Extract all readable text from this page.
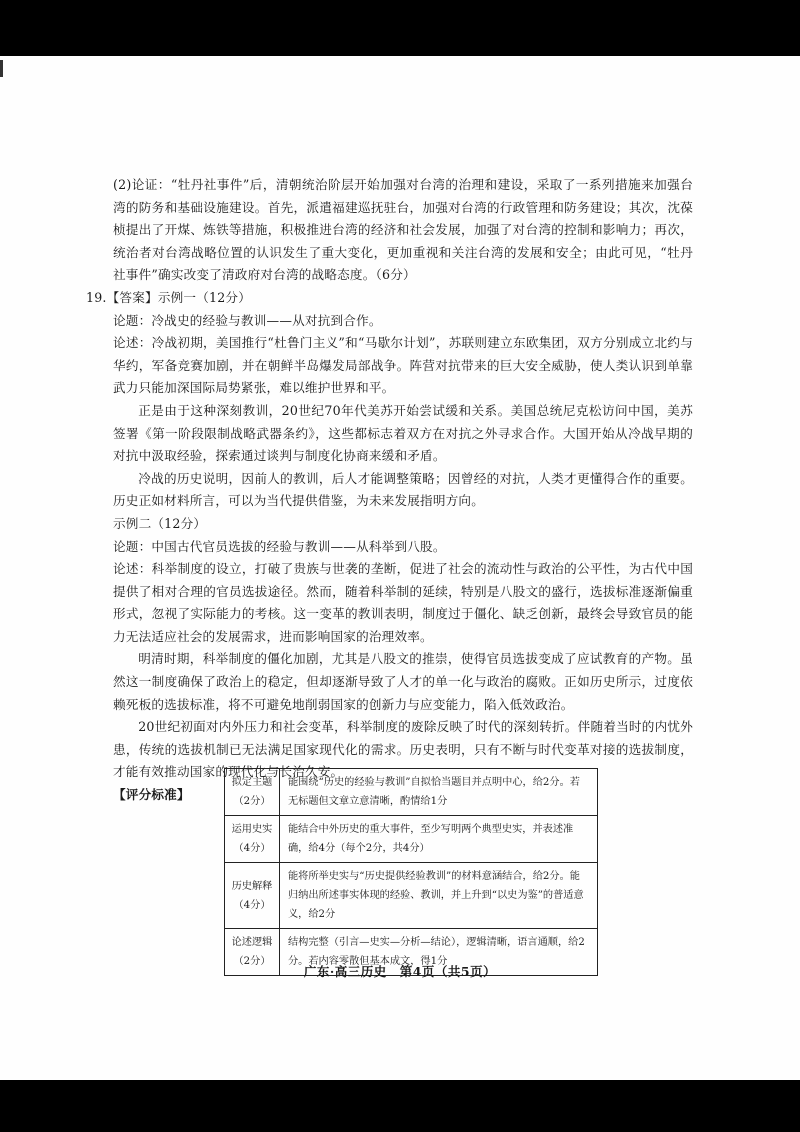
(2)论证：“牡丹社事件”后，清朝统治阶层开始加强对台湾的治理和建设，采取了一系列措施来加强台湾的防务和基础设施建设。首先，派遣福建巡抚驻台，加强对台湾的行政管理和防务建设；其次，沈葆桢提出了开煤、炼铁等措施，积极推进台湾的经济和社会发展，加强了对台湾的控制和影响力；再次，统治者对台湾战略位置的认识发生了重大变化，更加重视和关注台湾的发展和安全；由此可见，“牡丹社事件”确实改变了清政府对台湾的战略态度。（6分）

19.【答案】示例一（12分）

论题：冷战史的经验与教训——从对抗到合作。

论述：冷战初期，美国推行“杜鲁门主义”和“马歇尔计划”，苏联则建立东欧集团，双方分别成立北约与华约，军备竞赛加剧，并在朝鲜半岛爆发局部战争。阵营对抗带来的巨大安全威胁，使人类认识到单靠武力只能加深国际局势紧张，难以维护世界和平。

正是由于这种深刻教训，20世纪70年代美苏开始尝试缓和关系。美国总统尼克松访问中国，美苏签署《第一阶段限制战略武器条约》，这些都标志着双方在对抗之外寻求合作。大国开始从冷战早期的对抗中汲取经验，探索通过谈判与制度化协商来缓和矛盾。

冷战的历史说明，因前人的教训，后人才能调整策略；因曾经的对抗，人类才更懂得合作的重要。历史正如材料所言，可以为当代提供借鉴，为未来发展指明方向。

示例二（12分）

论题：中国古代官员选拔的经验与教训——从科举到八股。

论述：科举制度的设立，打破了贵族与世袭的垄断，促进了社会的流动性与政治的公平性，为古代中国提供了相对合理的官员选拔途径。然而，随着科举制的延续，特别是八股文的盛行，选拔标准逐渐偏重形式，忽视了实际能力的考核。这一变革的教训表明，制度过于僵化、缺乏创新，最终会导致官员的能力无法适应社会的发展需求，进而影响国家的治理效率。

明清时期，科举制度的僵化加剧，尤其是八股文的推崇，使得官员选拔变成了应试教育的产物。虽然这一制度确保了政治上的稳定，但却逐渐导致了人才的单一化与政治的腐败。正如历史所示，过度依赖死板的选拔标准，将不可避免地削弱国家的创新力与应变能力，陷入低效政治。

20世纪初面对内外压力和社会变革，科举制度的废除反映了时代的深刻转折。伴随着当时的内忧外患，传统的选拔机制已无法满足国家现代化的需求。历史表明，只有不断与时代变革对接的选拔制度，才能有效推动国家的现代化与长治久安。

【评分标准】

拟定主题
（2分）	能围绕“历史的经验与教训”自拟恰当题目并点明中心，给2分。若无标题但文章立意清晰，酌情给1分

运用史实
（4分）	能结合中外历史的重大事件，至少写明两个典型史实，并表述准确，给4分（每个2分，共4分）

历史解释
（4分）	能将所举史实与“历史提供经验教训”的材料意涵结合，给2分。能归纳出所述事实体现的经验、教训，并上升到“以史为鉴”的普适意义，给2分

论述逻辑
（2分）	结构完整（引言—史实—分析—结论），逻辑清晰，语言通顺，给2分。若内容零散但基本成文，得1分
广东·高三历史　第4页（共5页）
